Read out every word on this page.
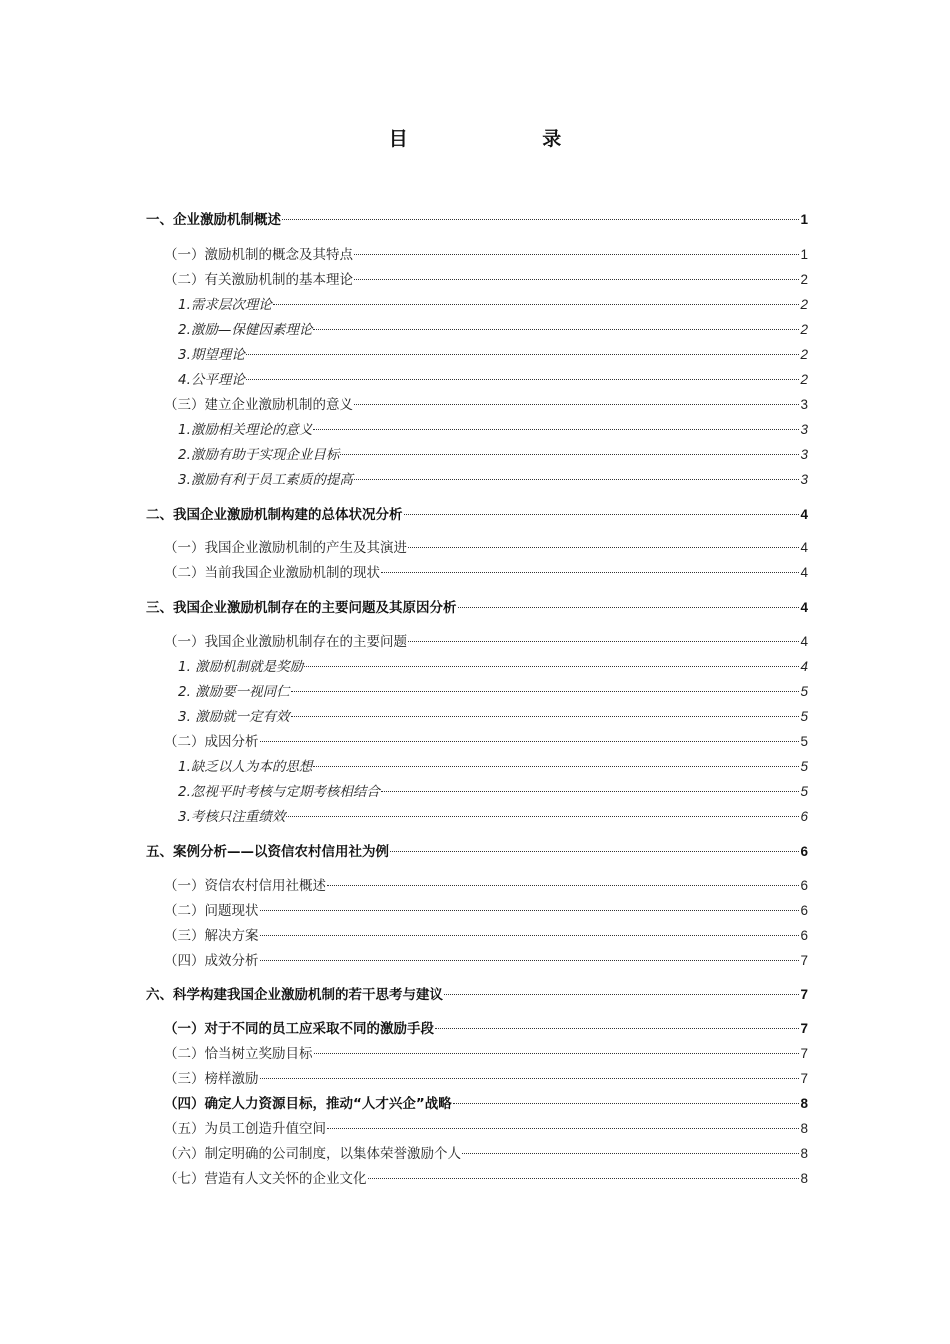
目 录
一、企业激励机制概述	1
（一）激励机制的概念及其特点	1
（二）有关激励机制的基本理论	2
1.需求层次理论	2
2.激励—保健因素理论	2
3.期望理论	2
4.公平理论	2
（三）建立企业激励机制的意义	3
1.激励相关理论的意义	3
2.激励有助于实现企业目标	3
3.激励有利于员工素质的提高	3
二、我国企业激励机制构建的总体状况分析	4
（一）我国企业激励机制的产生及其演进	4
（二）当前我国企业激励机制的现状	4
三、我国企业激励机制存在的主要问题及其原因分析	4
（一）我国企业激励机制存在的主要问题	4
1. 激励机制就是奖励	4
2. 激励要一视同仁	5
3. 激励就一定有效	5
（二）成因分析	5
1.缺乏以人为本的思想	5
2.忽视平时考核与定期考核相结合	5
3.考核只注重绩效	6
五、案例分析——以资信农村信用社为例	6
（一）资信农村信用社概述	6
（二）问题现状	6
（三）解决方案	6
（四）成效分析	7
六、科学构建我国企业激励机制的若干思考与建议	7
（一）对于不同的员工应采取不同的激励手段	7
（二）恰当树立奖励目标	7
（三）榜样激励	7
（四）确定人力资源目标，推动“人才兴企”战略	8
（五）为员工创造升值空间	8
（六）制定明确的公司制度，以集体荣誉激励个人	8
（七）营造有人文关怀的企业文化	8
